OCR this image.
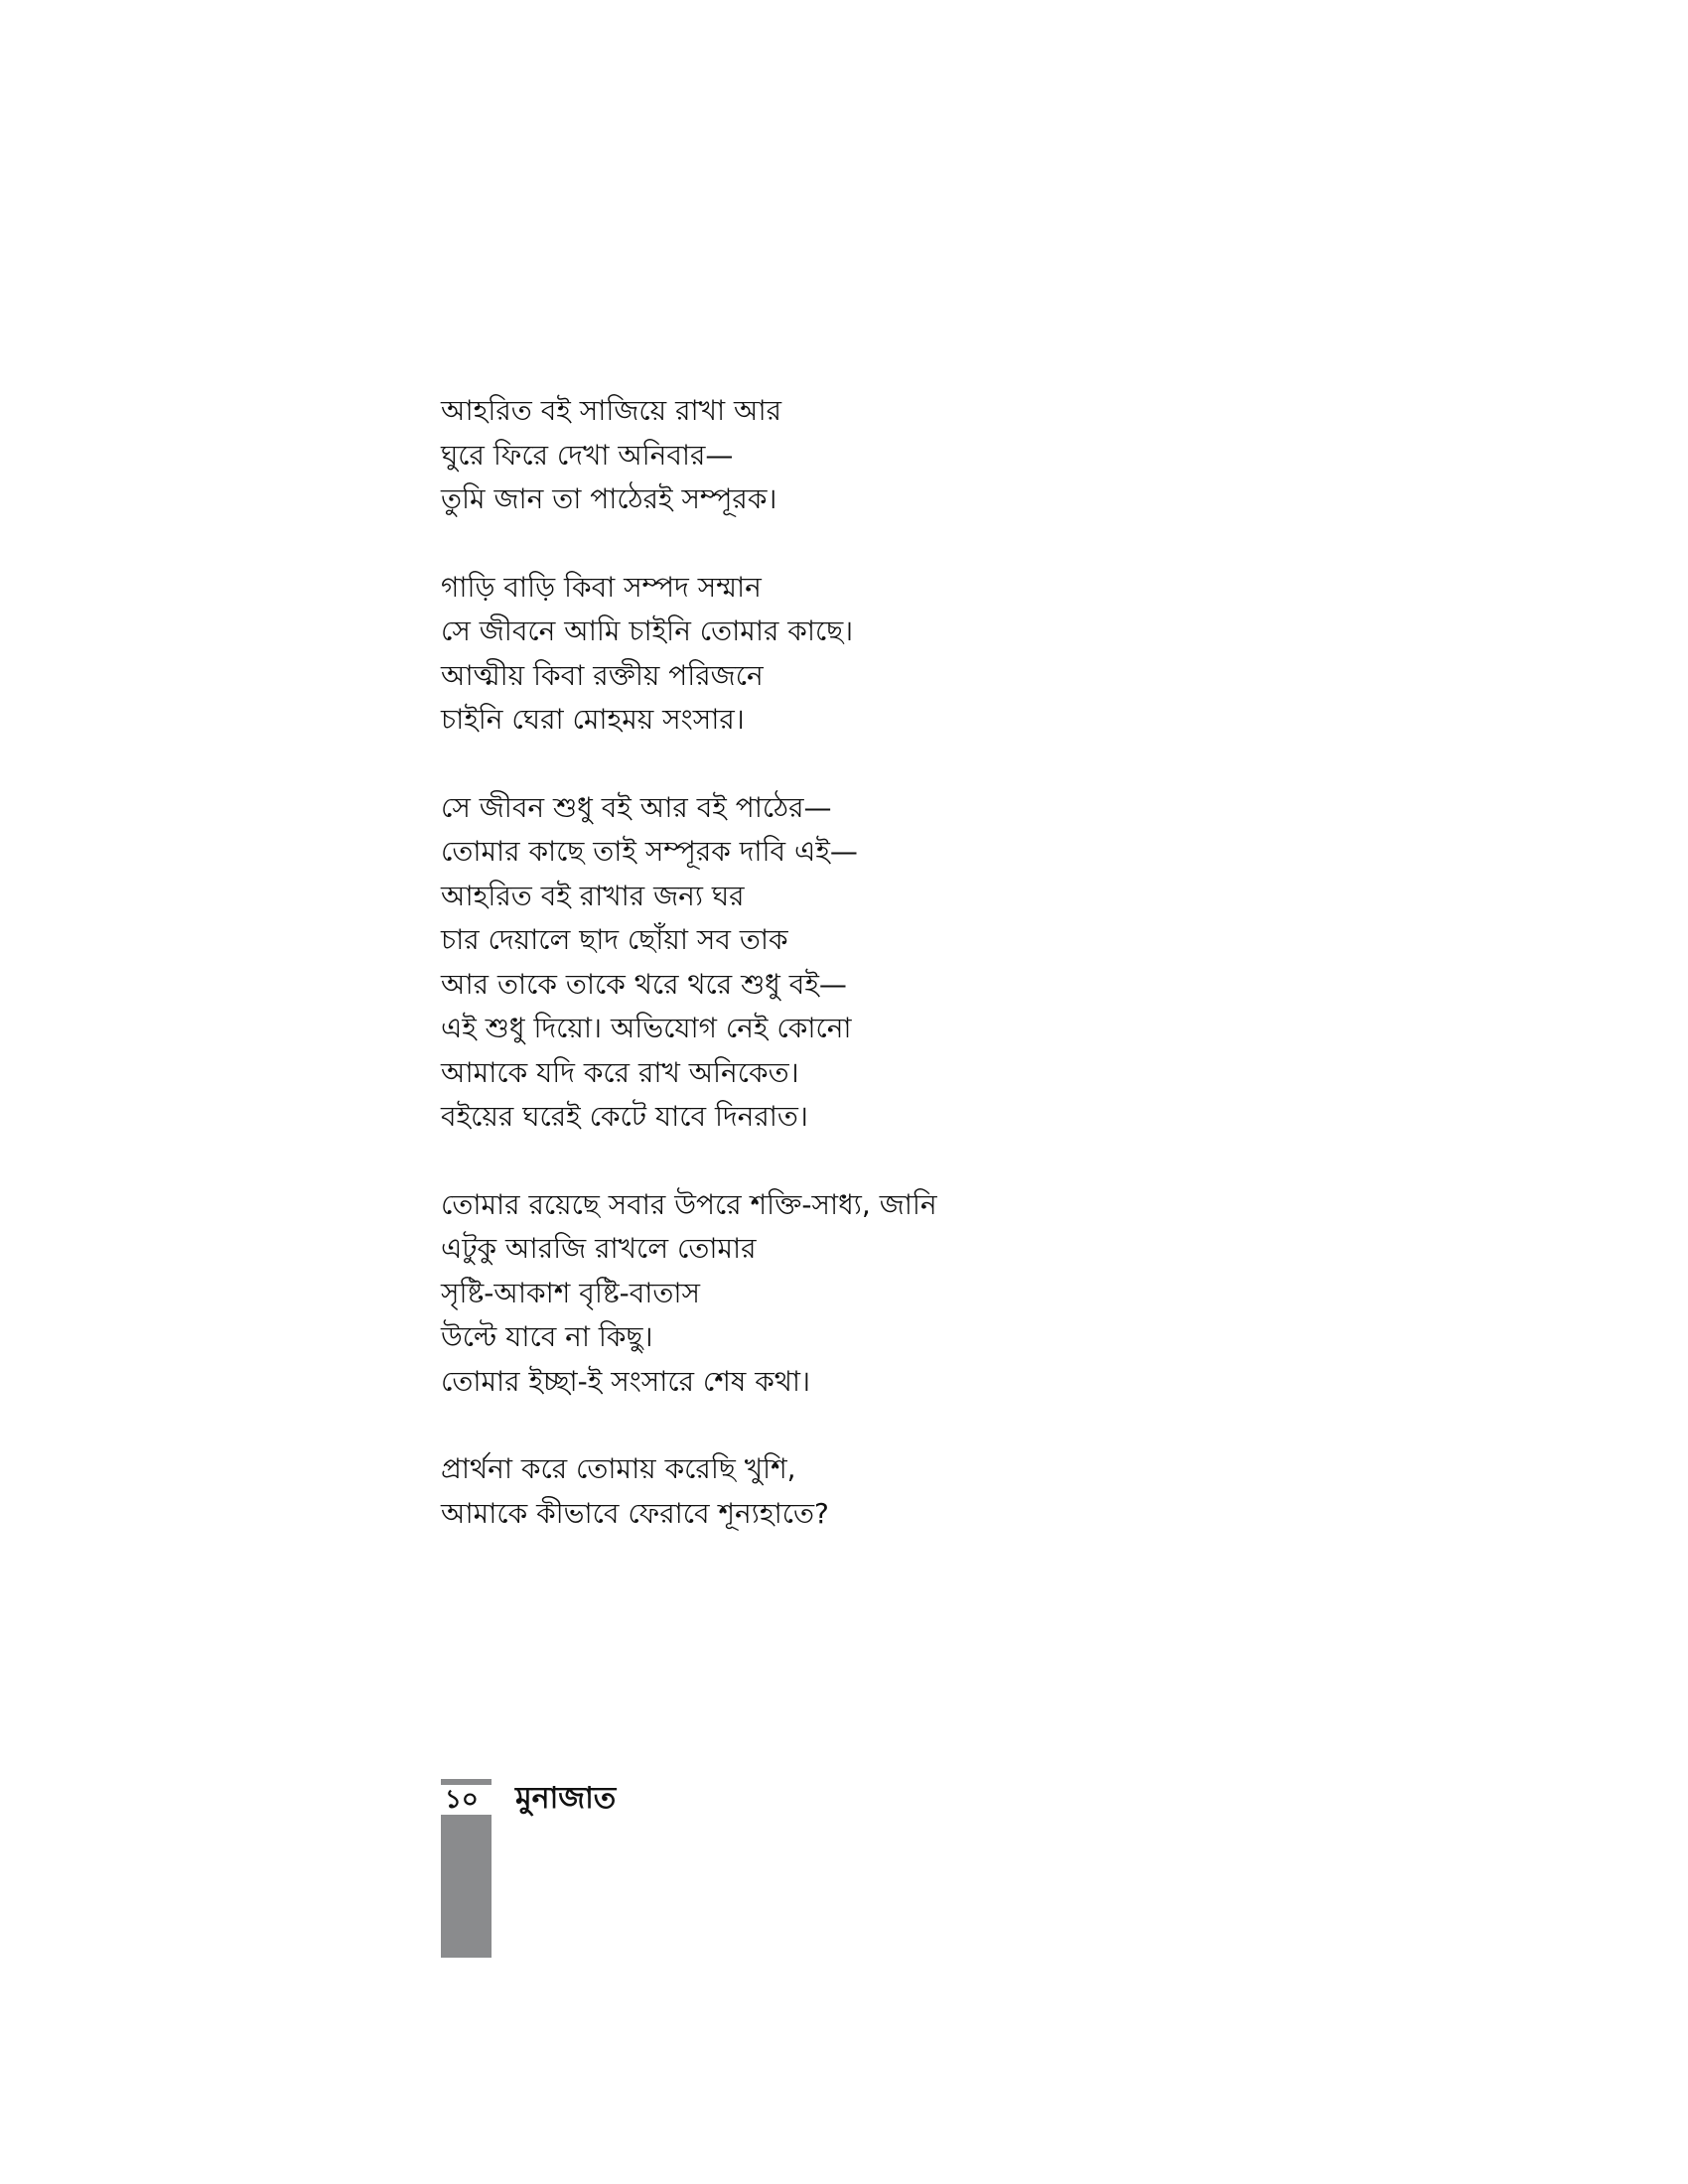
আহরিত বই সাজিয়ে রাখা আর
ঘুরে ফিরে দেখা অনিবার—
তুমি জান তা পাঠেরই সম্পূরক।
গাড়ি বাড়ি কিবা সম্পদ সম্মান
সে জীবনে আমি চাইনি তোমার কাছে।
আত্মীয় কিবা রক্তীয় পরিজনে
চাইনি ঘেরা মোহময় সংসার।
সে জীবন শুধু বই আর বই পাঠের—
তোমার কাছে তাই সম্পূরক দাবি এই—
আহরিত বই রাখার জন্য ঘর
চার দেয়ালে ছাদ ছোঁয়া সব তাক
আর তাকে তাকে থরে থরে শুধু বই—
এই শুধু দিয়ো। অভিযোগ নেই কোনো
আমাকে যদি করে রাখ অনিকেত।
বইয়ের ঘরেই কেটে যাবে দিনরাত।
তোমার রয়েছে সবার উপরে শক্তি-সাধ্য, জানি
এটুকু আরজি রাখলে তোমার
সৃষ্টি-আকাশ বৃষ্টি-বাতাস
উল্টে যাবে না কিছু।
তোমার ইচ্ছা-ই সংসারে শেষ কথা।
প্রার্থনা করে তোমায় করেছি খুশি,
আমাকে কীভাবে ফেরাবে শূন্যহাতে?
১০ মুনাজাত
